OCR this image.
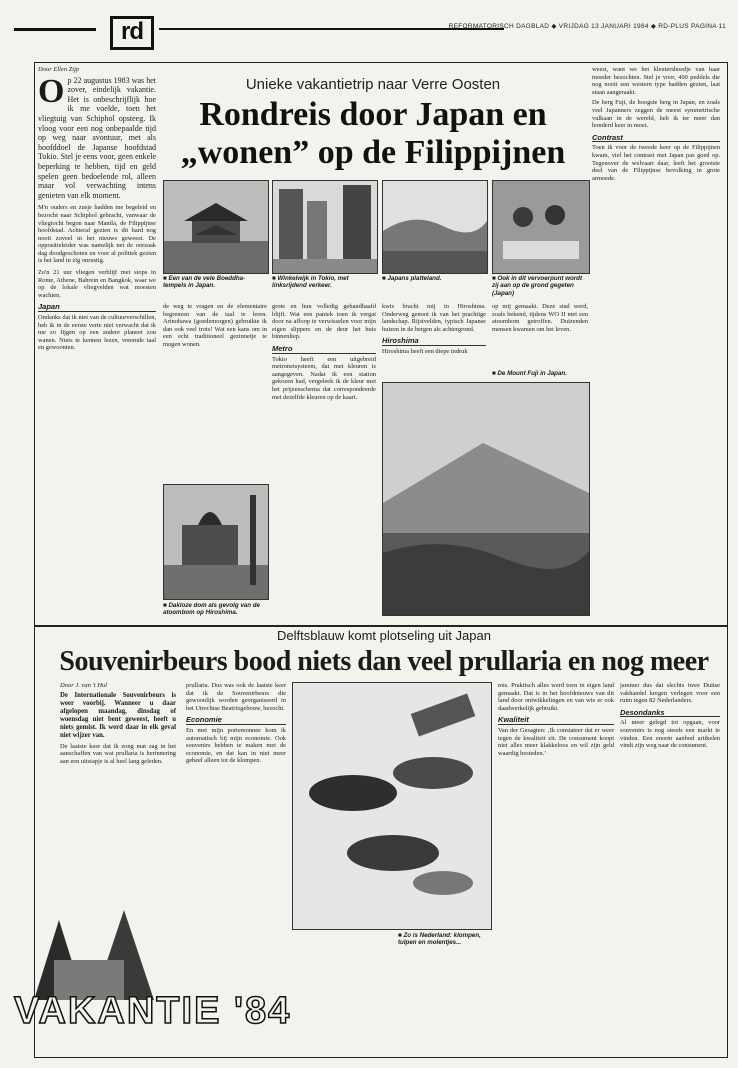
rd	REFORMATORISCH DAGBLAD ◆ VRIJDAG 13 JANUARI 1984 ◆ RD-PLUS PAGINA 11
Door Ellen Zijp
Op 22 augustus 1983 was het zover, eindelijk vakantie. Het is onbeschrijflijk hoe ik me voelde, toen het vliegtuig van Schiphol opsteeg. Ik vloog voor een nog onbepaalde tijd op weg naar avontuur, met als hoofddoel de Japanse hoofdstad Tokio. Stel je eens voor, geen enkele beperking te hebben, tijd en geld spelen geen bedoelende rol, alleen maar vol verwachting intens genieten van elk moment.

M'n ouders en zusje hadden me begeleid en bezocht naar Schiphol gebracht, vanwaar de vliegtocht begon naar Manila, de Filippijnse hoofdstad. Achteraf gezien is dit hard nog nooit zoveel in het nieuws geweest. De oppositieleider was namelijk net de oorzaak dag doodgeschoten en voor al politiek gezien is het land in zig onrustig.

Zo'n 21 uur vliegen verblijf met stops in Rome, Athene, Bahrein en Bangkok, waar we op de lokale vliegvelden wat moesten wachten.

Japan

Ondanks dat ik niet van de cultuurverschillen, heb ik in de eerste verte niet verwacht dat ik me zo fijgen op een andere planeet zou wanen. Niets te kennen lezen, vreemde taal en gewoonten.

Unieke vakantietrip naar Verre Oosten
Rondreis door Japan en
„wonen” op de Filippijnen
■ Een van de vele Boeddha-tempels in Japan.
■ Winkelwijk in Tokio, met linksrijdend verkeer.
■ Japans platteland.	■ Ook in dit vervoerpunt wordt zij aan op de grond gegeten (Japan)

de weg te vragen en de elementaire begrenzen van de taal te leren. Arinohawa (goedemorgen) gebruikte ik dan ook veel trots! Wat een kans om in een echt traditioneel gezinnetje te mogen wonen.

grote en hun volledig gehandhaafd blijft. Wat een paniek toen ik vergat door na afloop te verwisselen voor mijn eigen slippers en de deur het huis binnenliep.

Metro

Tokio heeft een uitgebreid metronetsysteem, dat met kleuren is aangegeven. Nadat ik een station gekozen had, vergeleek ik de kleur met het prijzenschema dat correspondeerde met dezelfde kleuren op de kaart.

kwis bracht mij in Hiroshima. Onderweg genoot ik van het prachtige landschap. Rijstvelden, typisch Japanse huizen in de bergen als achtergrond.

Hiroshima

Hiroshima heeft een diepe indruk

op mij gemaakt. Deze stad werd, zoals bekend, tijdens WO II met een atoombom getroffen. Duizenden mensen kwamen om het leven.

■ De Mount Fuji in Japan.
■ Dakloze dom als gevolg van de atoombom op Hiroshima.

weest, want we het kleutershoedje van haar moeder bezochten. Stel je voor, 400 peddels die nog nooit een western type hadden gezien, laat staan aangeraakt.

De berg Fuji, de hoogste berg in Japan, en zoals veel Japanners zeggen de meest symmetrische vulkaan in de wereld, heb ik ter meer dan honderd keer in moet.

Contrast

Toen ik voor de tweede keer op de Filippijnen kwam, viel het contrast met Japan pas goed op. Tegenover de welvaart daar, leeft het grootste deel van de Filippijnse bevolking in grote armoede.

Delftsblauw komt plotseling uit Japan
Souvenirbeurs bood niets dan veel prullaria en nog meer
Door J. van 't Hul

De Internationale Souvenirbeurs is weer voorbij. Wanneer u daar afgelopen maandag, dinsdag of woensdag niet bent geweest, heeft u niets gemist. Ik werd daar in elk geval niet wijzer van.

De laatste keer dat ik zong mat zag in het aanschaffen van wat prullaria is herinnering aan een uitstapje is al heel lang geleden.

prullaria. Dus was ook de laatste keer dat ik de Souvenirbeurs die gewoonlijk worden georganiseerd in het Utrechtse Beatrixgebouw, bezocht.

Economie

En met mijn portemonnee kom ik automatisch bij mijn economie. Ook souvenirs hebben te maken met de economie, en dat kan in niet meer geheel alleen tot de klompen.

■ Zo is Nederland: klompen, tulpen en molentjes...

mis. Praktisch alles werd toen in eigen land gemaakt. Dat is in het hoofdnieuws van dit land door ontwikkelingen en van wie er ook daadwerkelijk gebruikt.

Kwaliteit

Van der Gesagten: ‚Ik constateer dat er weer tegen de kwaliteit zit. De consument koopt niet alles meer klakkeloos en wil zijn geld waardig besteden.’

jammer dus dat slechts twee Duitse vakhandel kregen verlegen voor een ruim tegen 82 Nederlanders.

Desondanks

Al meer gelegd tot opgaan, voor souvenirs is nog steeds een markt te vinden. Een enorm aanbod artikelen vindt zijn weg naar de consument.

VAKANTIE '84
